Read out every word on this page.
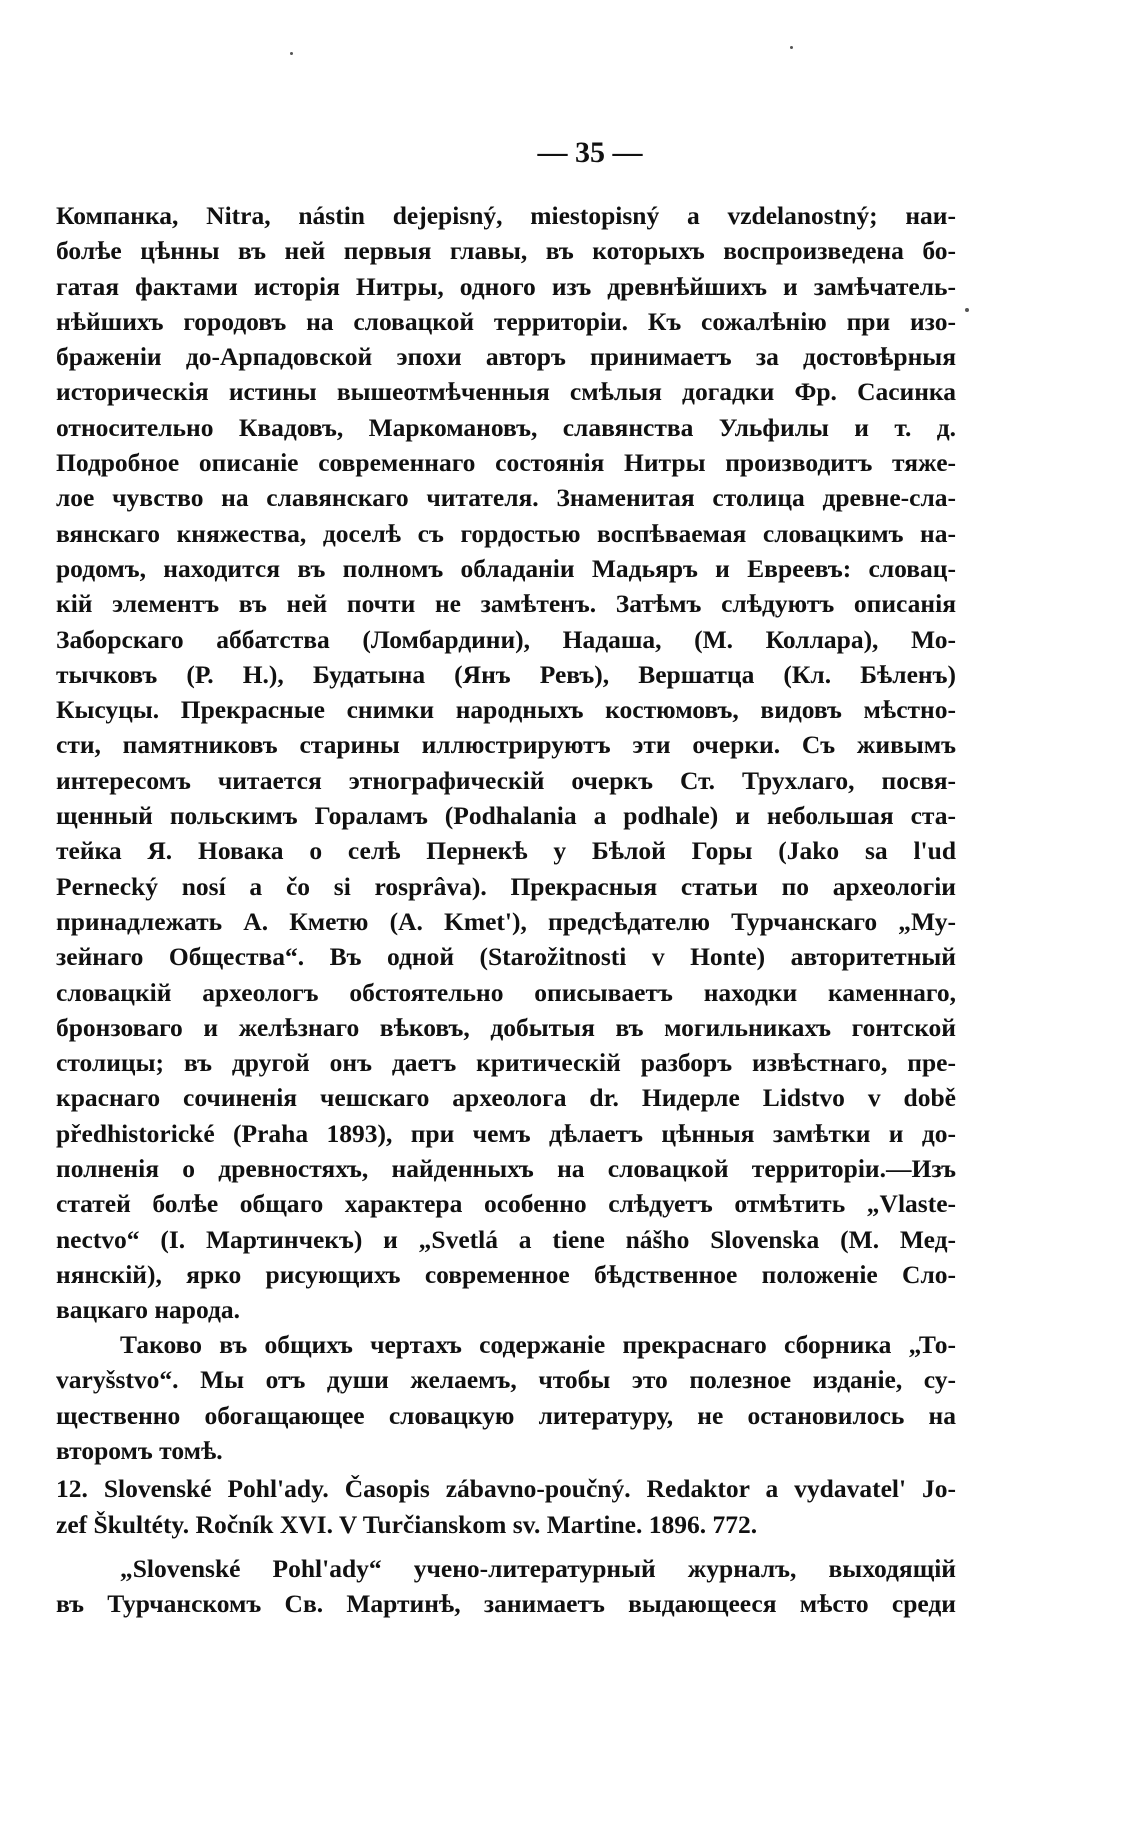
— 35 —
Компанка, Nitra, nástin dejepisný, miestopisný a vzdelanostný; наи-
болѣе цѣнны въ ней первыя главы, въ которыхъ воспроизведена бо-
гатая фактами исторія Нитры, одного изъ древнѣйшихъ и замѣчатель-
нѣйшихъ городовъ на словацкой территоріи. Къ сожалѣнію при изо-
браженіи до-Арпадовской эпохи авторъ принимаетъ за достовѣрныя
историческія истины вышеотмѣченныя смѣлыя догадки Фр. Сасинка
относительно Квадовъ, Маркомановъ, славянства Ульфилы и т. д.
Подробное описаніе современнаго состоянія Нитры производитъ тяже-
лое чувство на славянскаго читателя. Знаменитая столица древне-сла-
вянскаго княжества, доселѣ съ гордостью воспѣваемая словацкимъ на-
родомъ, находится въ полномъ обладаніи Мадьяръ и Евреевъ: словац-
кій элементъ въ ней почти не замѣтенъ. Затѣмъ слѣдуютъ описанія
Заборскаго аббатства (Ломбардини), Надаша, (М. Коллара), Мо-
тычковъ (Р. Н.), Будатына (Янъ Ревъ), Вершатца (Кл. Бѣленъ)
Кысуцы. Прекрасные снимки народныхъ костюмовъ, видовъ мѣстно-
сти, памятниковъ старины иллюстрируютъ эти очерки. Съ живымъ
интересомъ читается этнографическій очеркъ Ст. Трухлаго, посвя-
щенный польскимъ Гораламъ (Podhalania a podhale) и небольшая ста-
тейка Я. Новака о селѣ Пернекѣ у Бѣлой Горы (Jako sa l'ud
Pernecký nosí a čo si rosprâva). Прекрасныя статьи по археологіи
принадлежать А. Кметю (A. Kmet'), предсѣдателю Турчанскаго „Му-
зейнаго Общества“. Въ одной (Starožitnosti v Honte) авторитетный
словацкій археологъ обстоятельно описываетъ находки каменнаго,
бронзоваго и желѣзнаго вѣковъ, добытыя въ могильникахъ гонтской
столицы; въ другой онъ даетъ критическій разборъ извѣстнаго, пре-
краснаго сочиненія чешскаго археолога dr. Нидерле Lidstvo v době
předhistorické (Praha 1893), при чемъ дѣлаетъ цѣнныя замѣтки и до-
полненія о древностяхъ, найденныхъ на словацкой территоріи.—Изъ
статей болѣе общаго характера особенно слѣдуетъ отмѣтить „Vlaste-
nectvo“ (I. Мартинчекъ) и „Svetlá a tiene nášho Slovenska (М. Мед-
нянскій), ярко рисующихъ современное бѣдственное положеніе Сло-
вацкаго народа.
Таково въ общихъ чертахъ содержаніе прекраснаго сборника „То-
varyšstvo“. Мы отъ души желаемъ, чтобы это полезное изданіе, су-
щественно обогащающее словацкую литературу, не остановилось на
второмъ томѣ.
12. Slovenské Pohl'ady. Časopis zábavno-poučný. Redaktor a vydavatel' Jo-
zef Škultéty. Ročník XVI. V Turčianskom sv. Martine. 1896. 772.
„Slovenské Pohl'ady“ учено-литературный журналъ, выходящій
въ Турчанскомъ Св. Мартинѣ, занимаетъ выдающееся мѣсто среди
